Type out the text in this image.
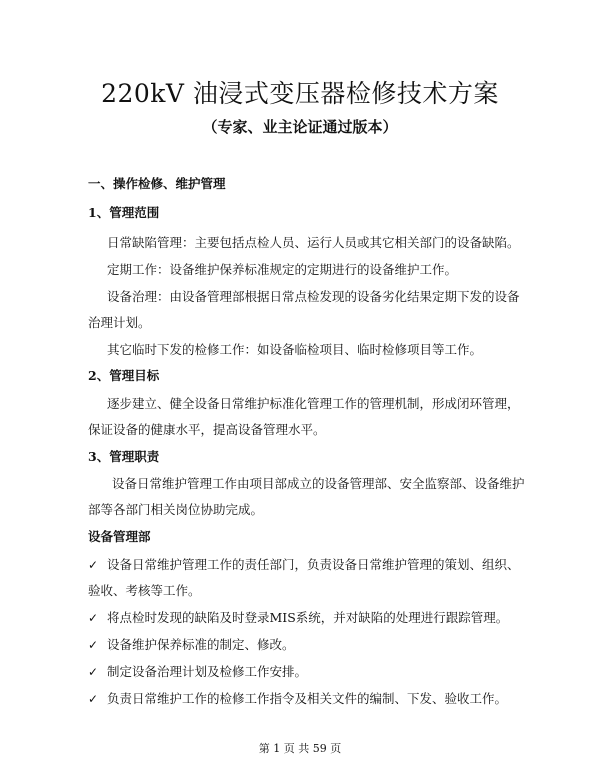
220kV 油浸式变压器检修技术方案
（专家、业主论证通过版本）
一、操作检修、维护管理
1、管理范围
日常缺陷管理：主要包括点检人员、运行人员或其它相关部门的设备缺陷。
定期工作：设备维护保养标准规定的定期进行的设备维护工作。
设备治理：由设备管理部根据日常点检发现的设备劣化结果定期下发的设备
治理计划。
其它临时下发的检修工作：如设备临检项目、临时检修项目等工作。
2、管理目标
逐步建立、健全设备日常维护标准化管理工作的管理机制，形成闭环管理，
保证设备的健康水平，提高设备管理水平。
3、管理职责
设备日常维护管理工作由项目部成立的设备管理部、安全监察部、设备维护
部等各部门相关岗位协助完成。
设备管理部
✓ 设备日常维护管理工作的责任部门，负责设备日常维护管理的策划、组织、
验收、考核等工作。
✓ 将点检时发现的缺陷及时登录MIS系统，并对缺陷的处理进行跟踪管理。
✓ 设备维护保养标准的制定、修改。
✓ 制定设备治理计划及检修工作安排。
✓ 负责日常维护工作的检修工作指令及相关文件的编制、下发、验收工作。
第 1 页 共 59 页
